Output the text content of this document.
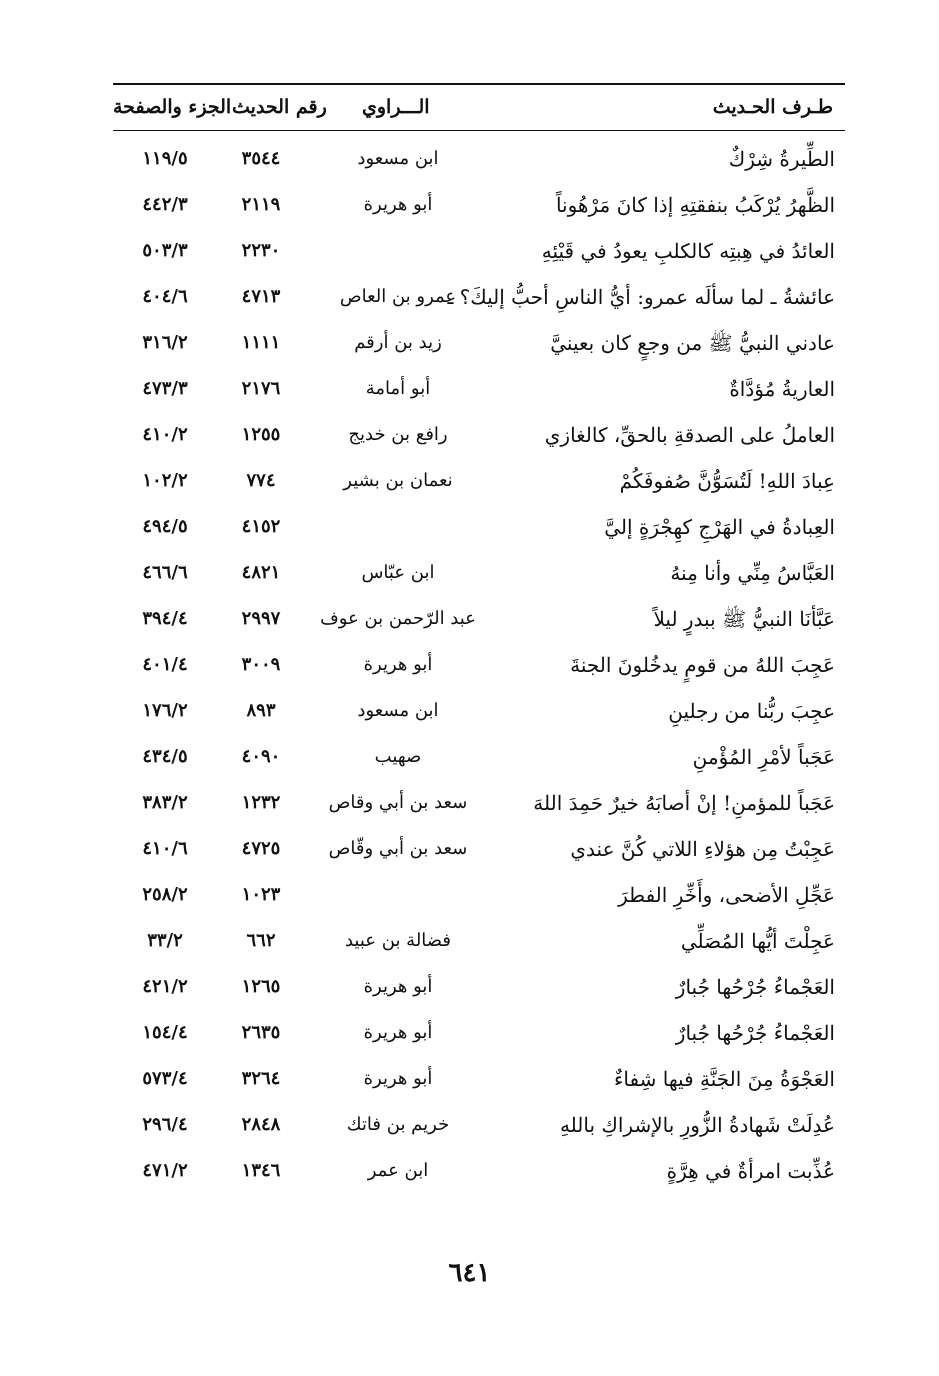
طـرف الحـديث
الـــراوي
رقم الحديث
الجزء والصفحة
الطِّيرةُ شِرْكٌ
ابن مسعود
٣٥٤٤
١١٩/٥
الظَّهرُ يُرْكَبُ بنفقتِهِ إذا كانَ مَرْهُوناً
أبو هريرة
٢١١٩
٤٤٢/٣
العائدُ في هِبتِه كالكلبِ يعودُ في قَيْئِهِ
٢٢٣٠
٥٠٣/٣
عائشةُ ـ لما سألَه عمرو: أيُّ الناسِ أحبُّ إليكَ؟ ـ
عمرو بن العاص
٤٧١٣
٤٠٤/٦
عادني النبيُّ ﷺ من وجعٍ كان بعينيَّ
زيد بن أرقم
١١١١
٣١٦/٢
العاريةُ مُؤدَّاةٌ
أبو أمامة
٢١٧٦
٤٧٣/٣
العاملُ على الصدقةِ بالحقِّ، كالغازي
رافع بن خديج
١٢٥٥
٤١٠/٢
عِبادَ اللهِ! لَتُسَوُّنَّ صُفوفَكُمْ
نعمان بن بشير
٧٧٤
١٠٢/٢
العِبادةُ في الهَرْجِ كهِجْرَةٍ إليَّ
٤١٥٢
٤٩٤/٥
العَبَّاسُ مِنِّي وأنا مِنهُ
ابن عبّاس
٤٨٢١
٤٦٦/٦
عَبَّأنَا النبيُّ ﷺ ببدرٍ ليلاً
عبد الرّحمن بن عوف
٢٩٩٧
٣٩٤/٤
عَجِبَ اللهُ من قومٍ يدخُلونَ الجنةَ
أبو هريرة
٣٠٠٩
٤٠١/٤
عجِبَ ربُّنا من رجلينِ
ابن مسعود
٨٩٣
١٧٦/٢
عَجَباً لأمْرِ المُؤْمنِ
صهيب
٤٠٩٠
٤٣٤/٥
عَجَباً للمؤمنِ! إنْ أصابَهُ خيرٌ حَمِدَ اللهَ
سعد بن أبي وقاص
١٢٣٢
٣٨٣/٢
عَجِبْتُ مِن هؤلاءِ اللاتي كُنَّ عندي
سعد بن أبي وقّاص
٤٧٢٥
٤١٠/٦
عَجِّلِ الأضحى، وأَخِّرِ الفطرَ
١٠٢٣
٢٥٨/٢
عَجِلْتَ أيُّها المُصَلِّي
فضالة بن عبيد
٦٦٢
٣٣/٢
العَجْماءُ جُرْحُها جُبارٌ
أبو هريرة
١٢٦٥
٤٢١/٢
العَجْماءُ جُرْحُها جُبارٌ
أبو هريرة
٢٦٣٥
١٥٤/٤
العَجْوَةُ مِنَ الجَنَّةِ فيها شِفاءٌ
أبو هريرة
٣٢٦٤
٥٧٣/٤
عُدِلَتْ شَهادةُ الزُّورِ بالإشراكِ باللهِ
خريم بن فاتك
٢٨٤٨
٢٩٦/٤
عُذِّبت امرأةٌ في هِرَّةٍ
ابن عمر
١٣٤٦
٤٧١/٢
٦٤١
